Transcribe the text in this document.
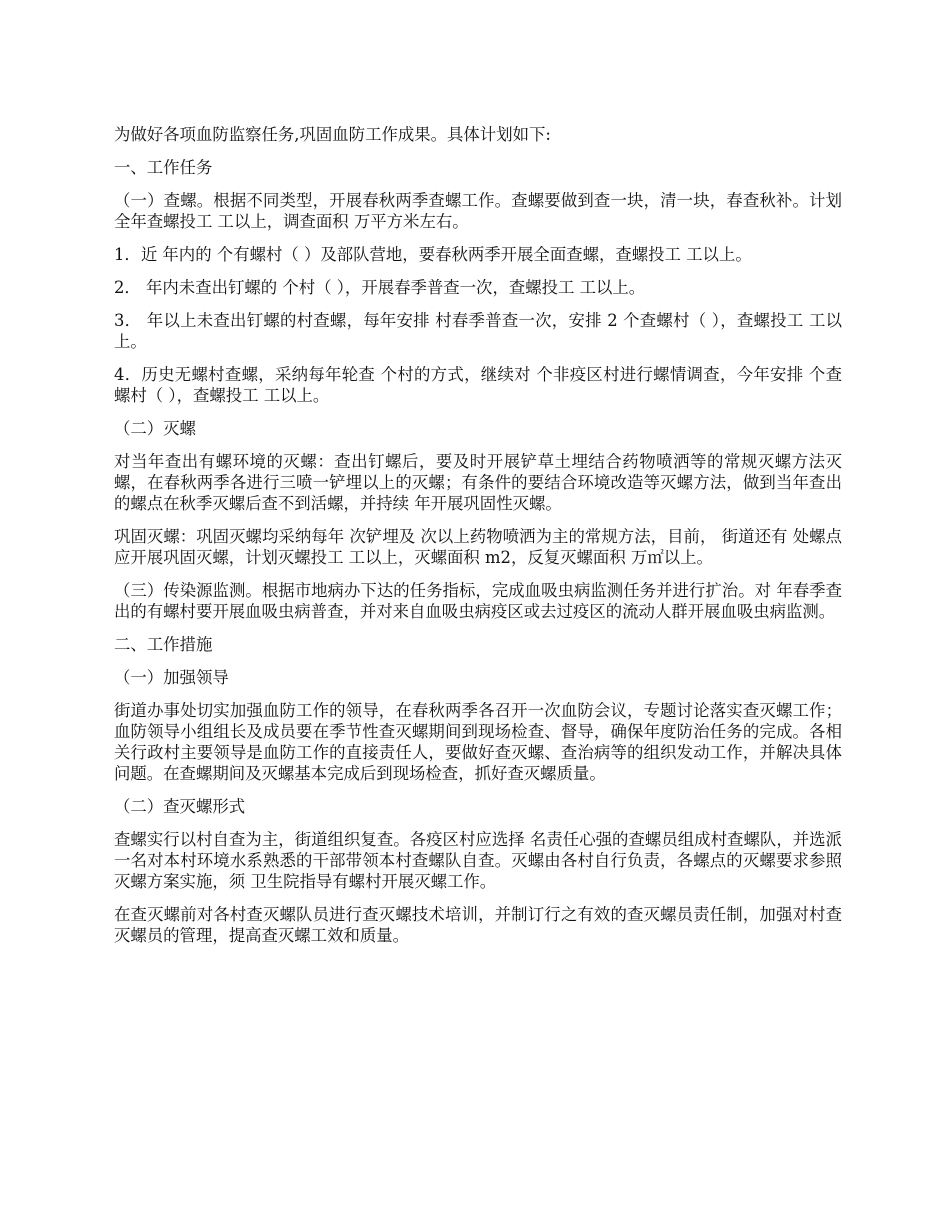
为做好各项血防监察任务,巩固血防工作成果。具体计划如下:

一、工作任务

（一）查螺。根据不同类型，开展春秋两季查螺工作。查螺要做到查一块，清一块，春查秋补。计划全年查螺投工 工以上，调查面积 万平方米左右。

1．近 年内的 个有螺村（ ）及部队营地，要春秋两季开展全面查螺，查螺投工 工以上。

2． 年内未查出钉螺的 个村（ ），开展春季普查一次，查螺投工 工以上。

3． 年以上未查出钉螺的村查螺，每年安排 村春季普查一次，安排 2 个查螺村（ ），查螺投工 工以上。

4．历史无螺村查螺，采纳每年轮查 个村的方式，继续对 个非疫区村进行螺情调查，今年安排 个查螺村（ ），查螺投工 工以上。

（二）灭螺

对当年查出有螺环境的灭螺：查出钉螺后，要及时开展铲草土埋结合药物喷洒等的常规灭螺方法灭螺，在春秋两季各进行三喷一铲埋以上的灭螺；有条件的要结合环境改造等灭螺方法，做到当年查出的螺点在秋季灭螺后查不到活螺，并持续 年开展巩固性灭螺。

巩固灭螺：巩固灭螺均采纳每年 次铲埋及 次以上药物喷洒为主的常规方法，目前， 街道还有 处螺点应开展巩固灭螺，计划灭螺投工 工以上，灭螺面积 m2，反复灭螺面积 万㎡以上。

（三）传染源监测。根据市地病办下达的任务指标，完成血吸虫病监测任务并进行扩治。对 年春季查出的有螺村要开展血吸虫病普查，并对来自血吸虫病疫区或去过疫区的流动人群开展血吸虫病监测。

二、工作措施

（一）加强领导

街道办事处切实加强血防工作的领导，在春秋两季各召开一次血防会议，专题讨论落实查灭螺工作；血防领导小组组长及成员要在季节性查灭螺期间到现场检查、督导，确保年度防治任务的完成。各相关行政村主要领导是血防工作的直接责任人，要做好查灭螺、查治病等的组织发动工作，并解决具体问题。在查螺期间及灭螺基本完成后到现场检查，抓好查灭螺质量。

（二）查灭螺形式

查螺实行以村自查为主，街道组织复查。各疫区村应选择 名责任心强的查螺员组成村查螺队，并选派一名对本村环境水系熟悉的干部带领本村查螺队自查。灭螺由各村自行负责，各螺点的灭螺要求参照灭螺方案实施，须 卫生院指导有螺村开展灭螺工作。

在查灭螺前对各村查灭螺队员进行查灭螺技术培训，并制订行之有效的查灭螺员责任制，加强对村查灭螺员的管理，提高查灭螺工效和质量。
